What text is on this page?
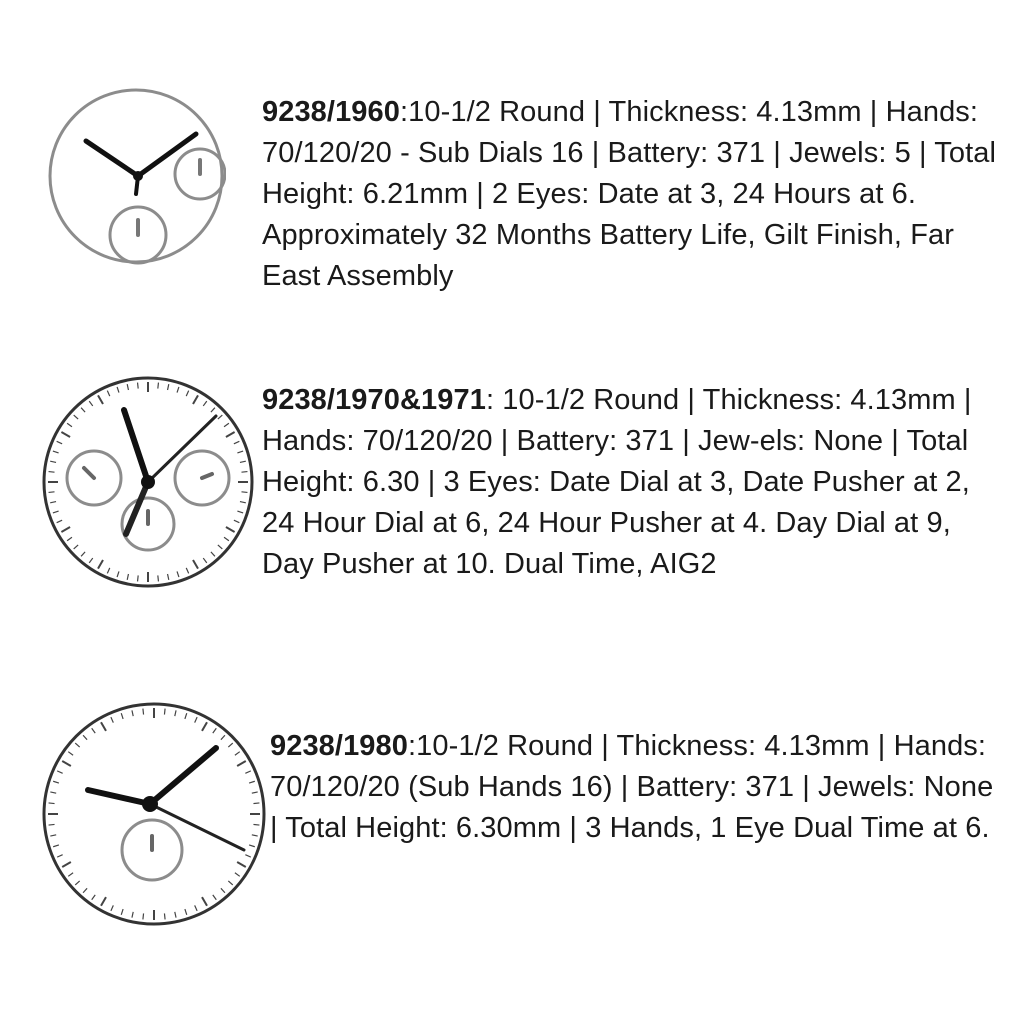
9238/1960:10-1/2 Round | Thickness: 4.13mm | Hands: 70/120/20 - Sub Dials 16 | Battery: 371 | Jewels: 5 | Total Height: 6.21mm | 2 Eyes: Date at 3, 24 Hours at 6. Approximately 32 Months Battery Life, Gilt Finish, Far East Assembly
9238/1970&1971: 10-1/2 Round | Thickness: 4.13mm | Hands: 70/120/20 | Battery: 371 | Jew-els: None | Total Height: 6.30 | 3 Eyes: Date Dial at 3, Date Pusher at 2, 24 Hour Dial at 6, 24 Hour Pusher at 4. Day Dial at 9, Day Pusher at 10. Dual Time, AIG2
9238/1980:10-1/2 Round | Thickness: 4.13mm | Hands: 70/120/20 (Sub Hands 16) | Battery: 371 | Jewels: None | Total Height: 6.30mm | 3 Hands, 1 Eye Dual Time at 6.
